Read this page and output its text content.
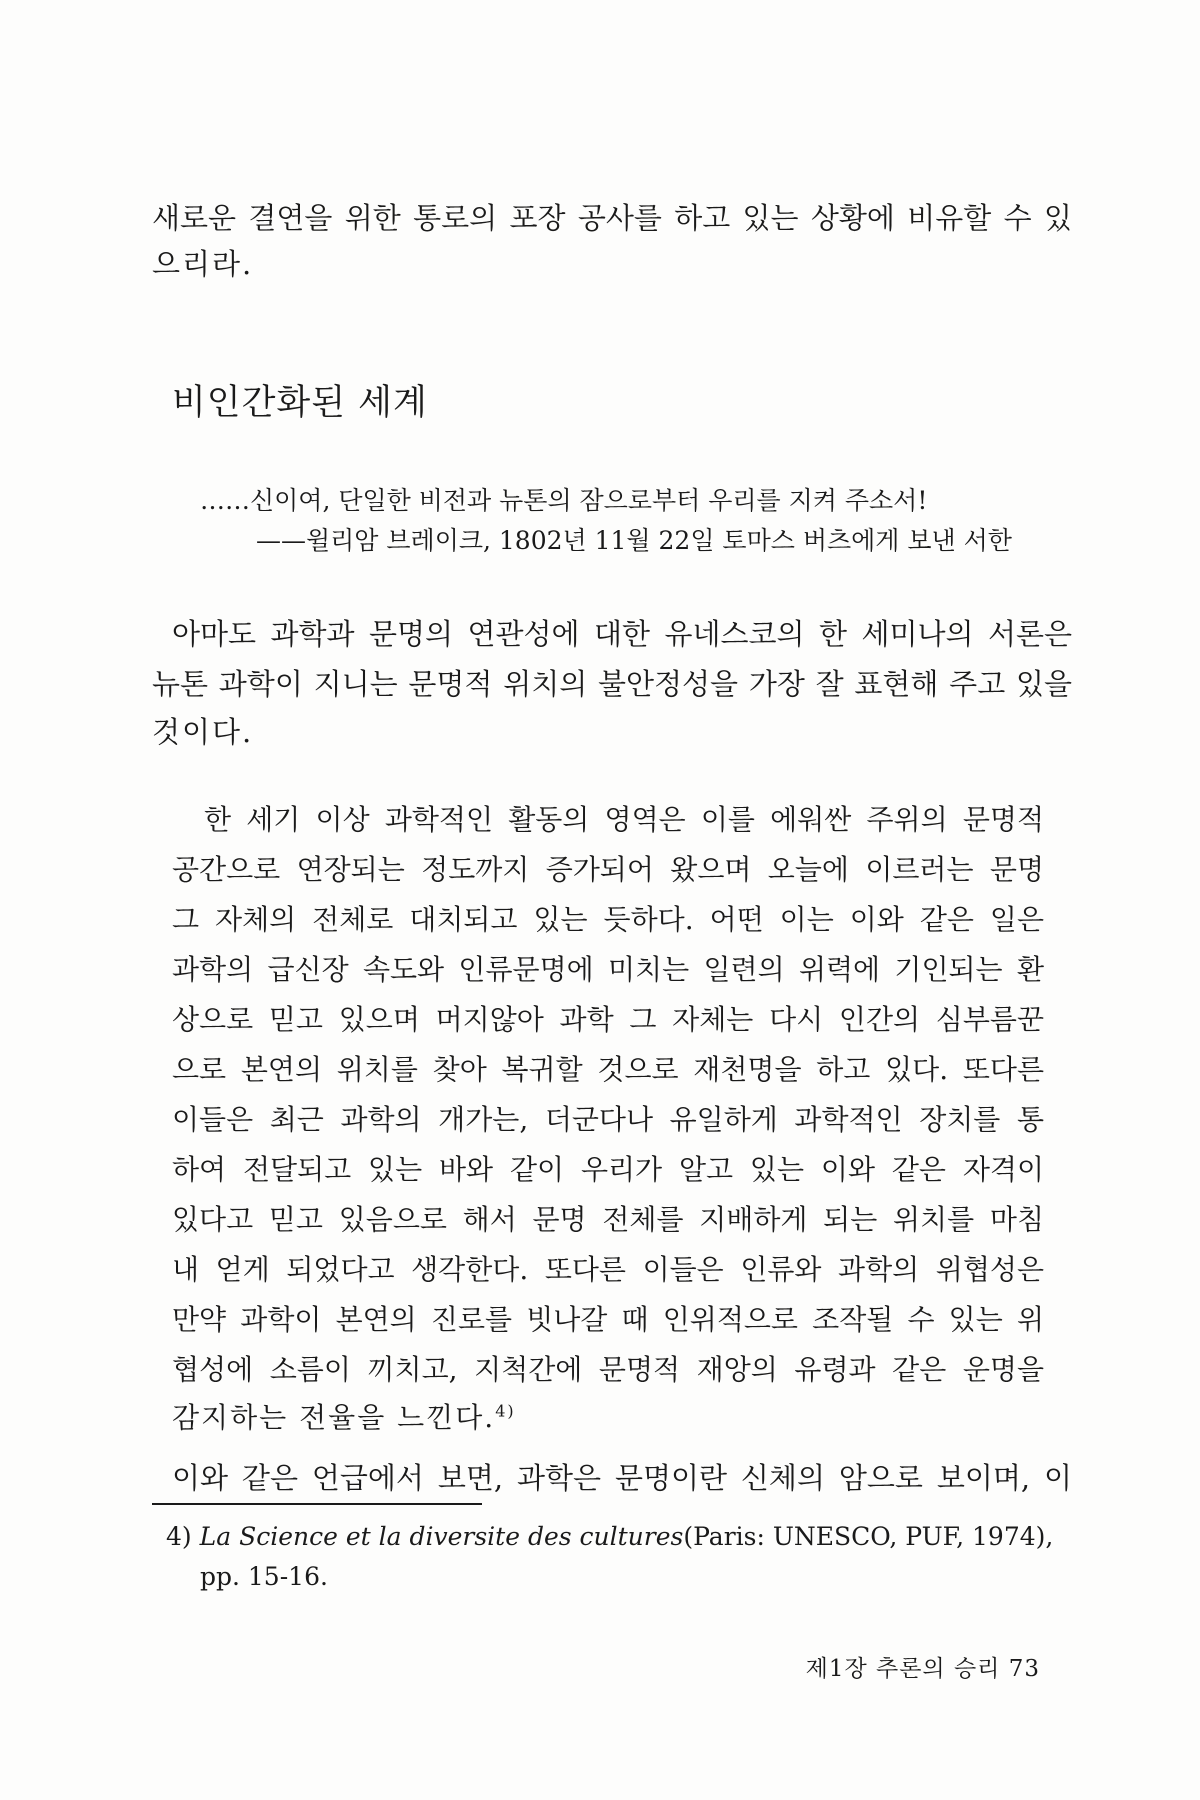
새로운 결연을 위한 통로의 포장 공사를 하고 있는 상황에 비유할 수 있
으리라.
비인간화된 세계
……신이여, 단일한 비전과 뉴톤의 잠으로부터 우리를 지켜 주소서!
——윌리암 브레이크, 1802년 11월 22일 토마스 버츠에게 보낸 서한
아마도 과학과 문명의 연관성에 대한 유네스코의 한 세미나의 서론은
뉴톤 과학이 지니는 문명적 위치의 불안정성을 가장 잘 표현해 주고 있을
것이다.
한 세기 이상 과학적인 활동의 영역은 이를 에워싼 주위의 문명적
공간으로 연장되는 정도까지 증가되어 왔으며 오늘에 이르러는 문명
그 자체의 전체로 대치되고 있는 듯하다. 어떤 이는 이와 같은 일은
과학의 급신장 속도와 인류문명에 미치는 일련의 위력에 기인되는 환
상으로 믿고 있으며 머지않아 과학 그 자체는 다시 인간의 심부름꾼
으로 본연의 위치를 찾아 복귀할 것으로 재천명을 하고 있다. 또다른
이들은 최근 과학의 개가는, 더군다나 유일하게 과학적인 장치를 통
하여 전달되고 있는 바와 같이 우리가 알고 있는 이와 같은 자격이
있다고 믿고 있음으로 해서 문명 전체를 지배하게 되는 위치를 마침
내 얻게 되었다고 생각한다. 또다른 이들은 인류와 과학의 위협성은
만약 과학이 본연의 진로를 빗나갈 때 인위적으로 조작될 수 있는 위
협성에 소름이 끼치고, 지척간에 문명적 재앙의 유령과 같은 운명을
감지하는 전율을 느낀다.$^{4)}$
이와 같은 언급에서 보면, 과학은 문명이란 신체의 암으로 보이며, 이
4) La Science et la diversite des cultures(Paris: UNESCO, PUF, 1974),
pp. 15-16.
제1장 추론의 승리 73
